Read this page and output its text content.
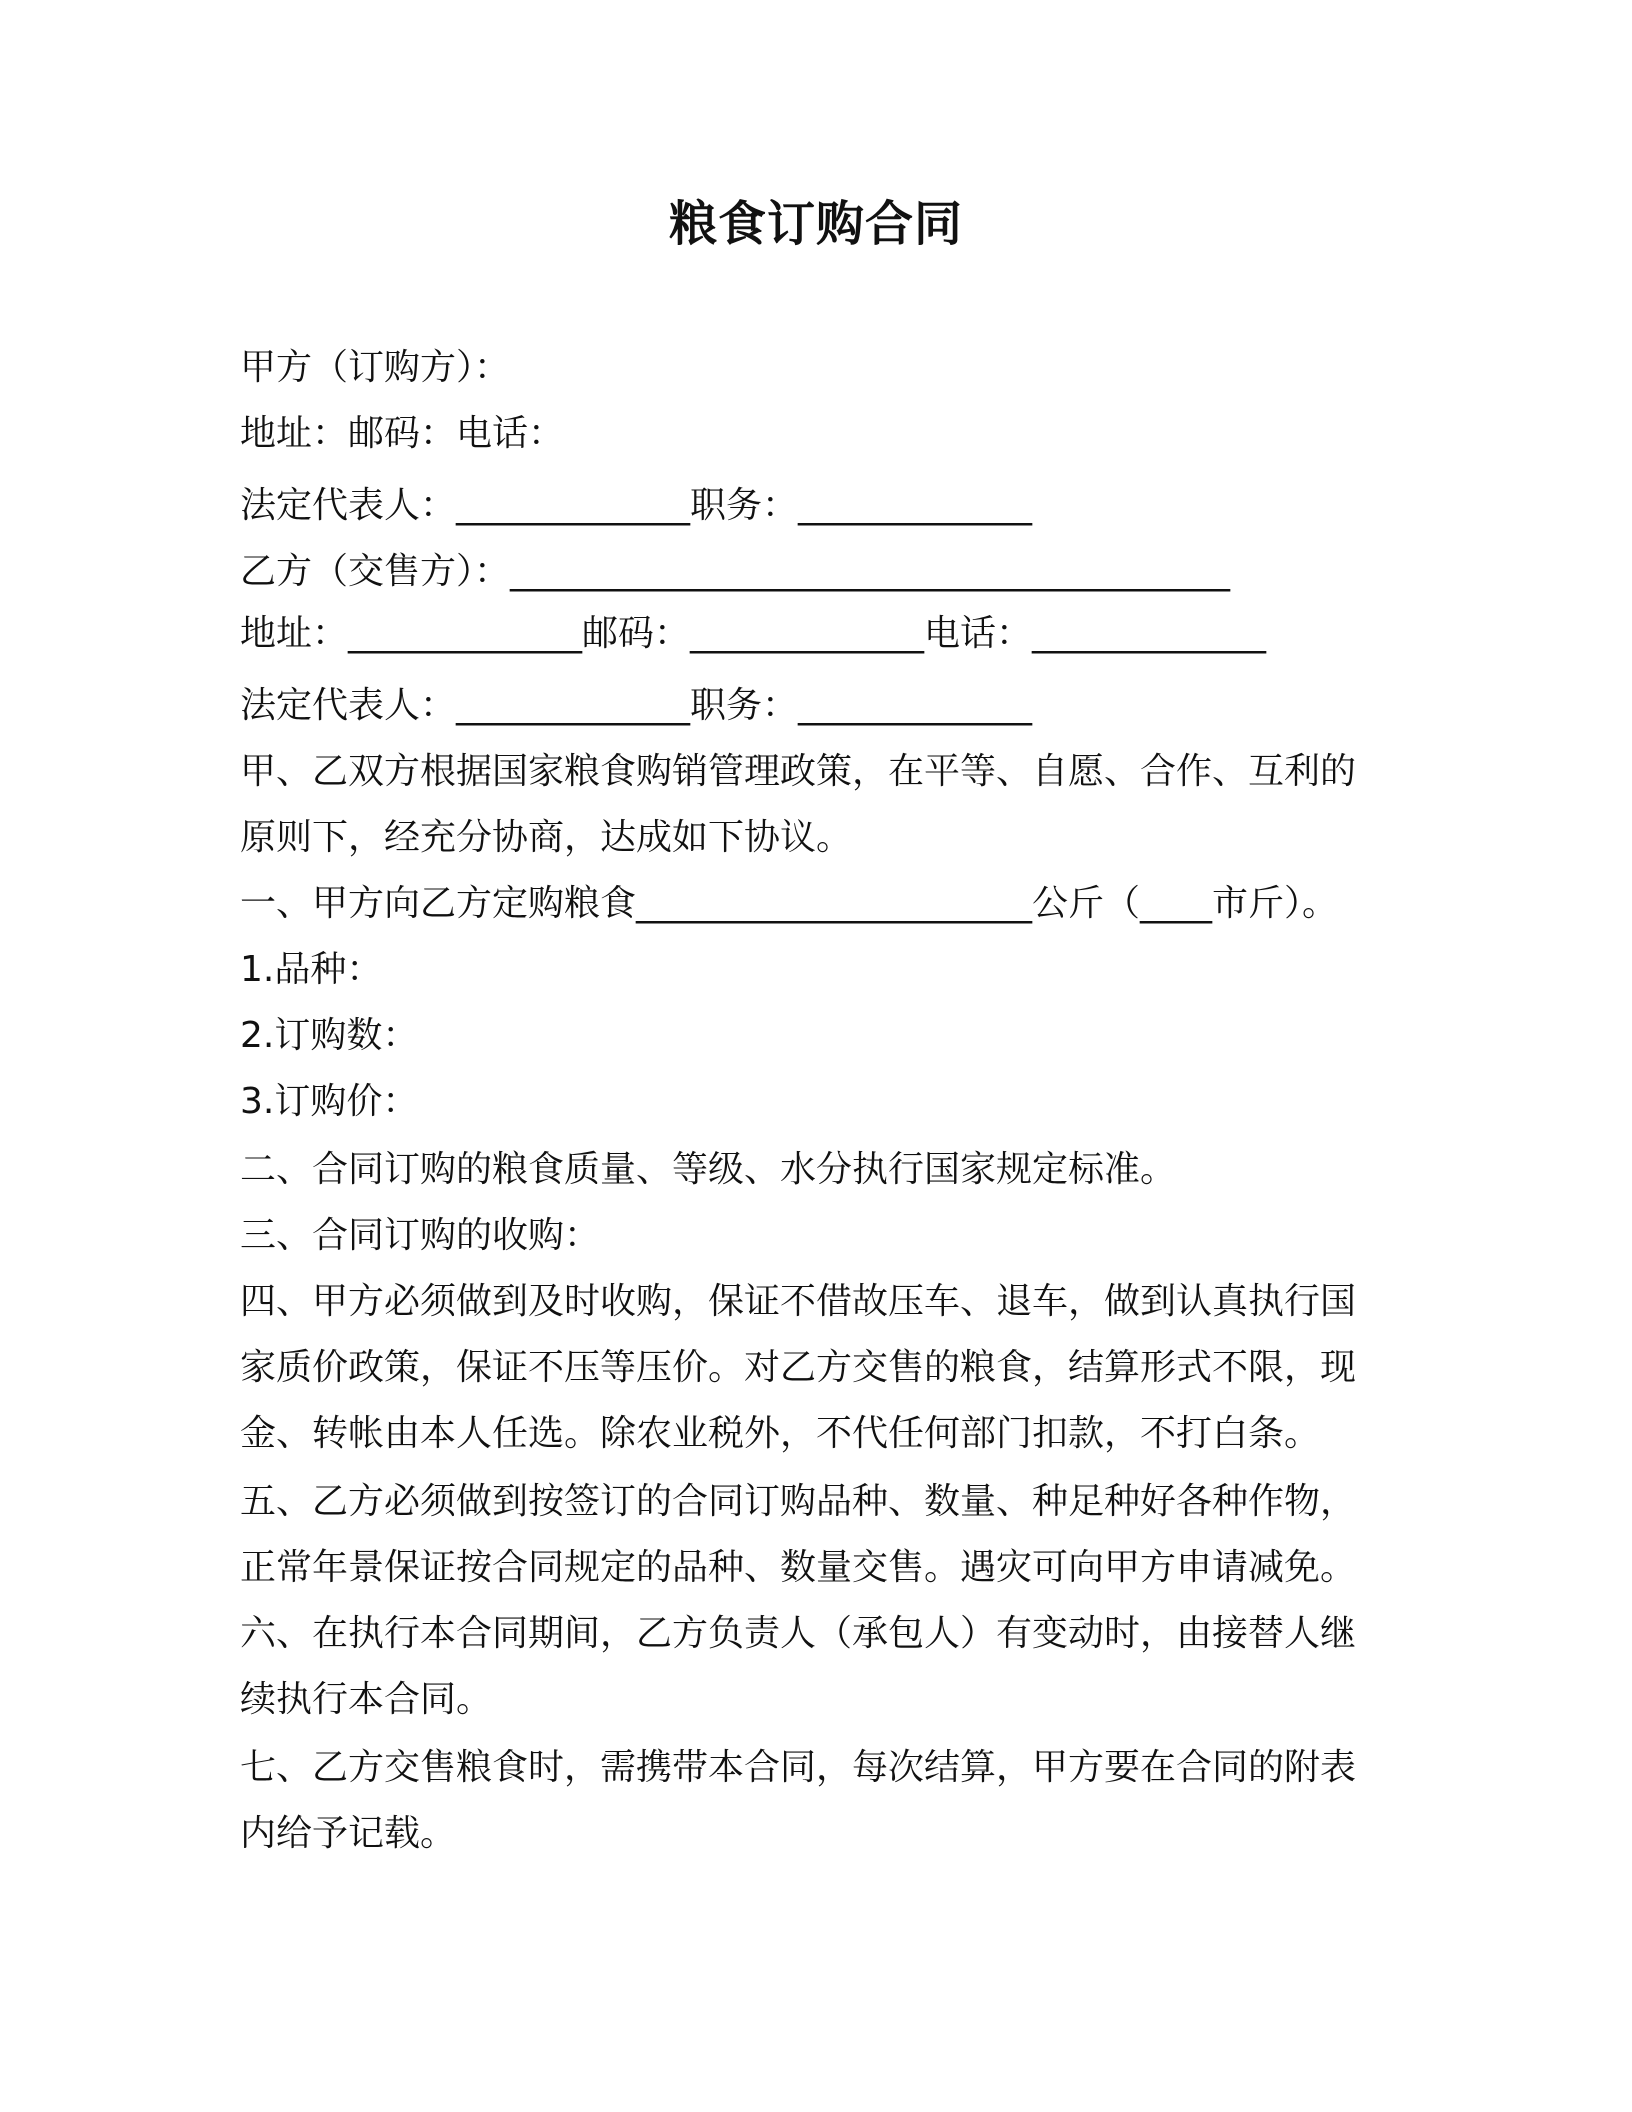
粮食订购合同
甲方（订购方）：
地址：邮码：电话：
法定代表人：_____________职务：_____________
乙方（交售方）：________________________________________
地址：_____________邮码：_____________电话：_____________
法定代表人：_____________职务：_____________
甲、乙双方根据国家粮食购销管理政策，在平等、自愿、合作、互利的
原则下，经充分协商，达成如下协议。
一、甲方向乙方定购粮食______________________公斤（____市斤）。
1.品种：
2.订购数：
3.订购价：
二、合同订购的粮食质量、等级、水分执行国家规定标准。
三、合同订购的收购：
四、甲方必须做到及时收购，保证不借故压车、退车，做到认真执行国
家质价政策，保证不压等压价。对乙方交售的粮食，结算形式不限，现
金、转帐由本人任选。除农业税外，不代任何部门扣款，不打白条。
五、乙方必须做到按签订的合同订购品种、数量、种足种好各种作物，
正常年景保证按合同规定的品种、数量交售。遇灾可向甲方申请减免。
六、在执行本合同期间，乙方负责人（承包人）有变动时，由接替人继
续执行本合同。
七、乙方交售粮食时，需携带本合同，每次结算，甲方要在合同的附表
内给予记载。
